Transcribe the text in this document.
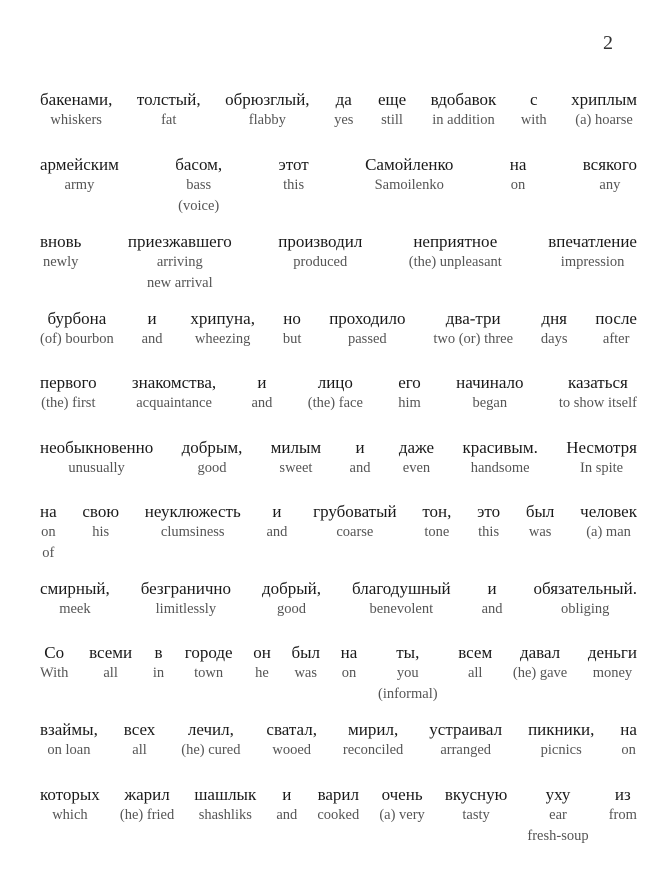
2
бакенами,
whiskers
толстый,
fat
обрюзглый,
flabby
да
yes
еще
still
вдобавок
in addition
с
with
хриплым
(a) hoarse
армейским
army
басом,
bass
(voice)
этот
this
Самойленко
Samoilenko
на
on
всякого
any
вновь
newly
приезжавшего
arriving
new arrival
производил
produced
неприятное
(the) unpleasant
впечатление
impression
бурбона
(of) bourbon
и
and
хрипуна,
wheezing
но
but
проходило
passed
два-три
two (or) three
дня
days
после
after
первого
(the) first
знакомства,
acquaintance
и
and
лицо
(the) face
его
him
начинало
began
казаться
to show itself
необыкновенно
unusually
добрым,
good
милым
sweet
и
and
даже
even
красивым.
handsome
Несмотря
In spite
на
on
of
свою
his
неуклюжесть
clumsiness
и
and
грубоватый
coarse
тон,
tone
это
this
был
was
человек
(a) man
смирный,
meek
безгранично
limitlessly
добрый,
good
благодушный
benevolent
и
and
обязательный.
obliging
Со
With
всеми
all
в
in
городе
town
он
he
был
was
на
on
ты,
you
(informal)
всем
all
давал
(he) gave
деньги
money
взаймы,
on loan
всех
all
лечил,
(he) cured
сватал,
wooed
мирил,
reconciled
устраивал
arranged
пикники,
picnics
на
on
которых
which
жарил
(he) fried
шашлык
shashliks
и
and
варил
cooked
очень
(a) very
вкусную
tasty
уху
ear
fresh-soup
из
from
